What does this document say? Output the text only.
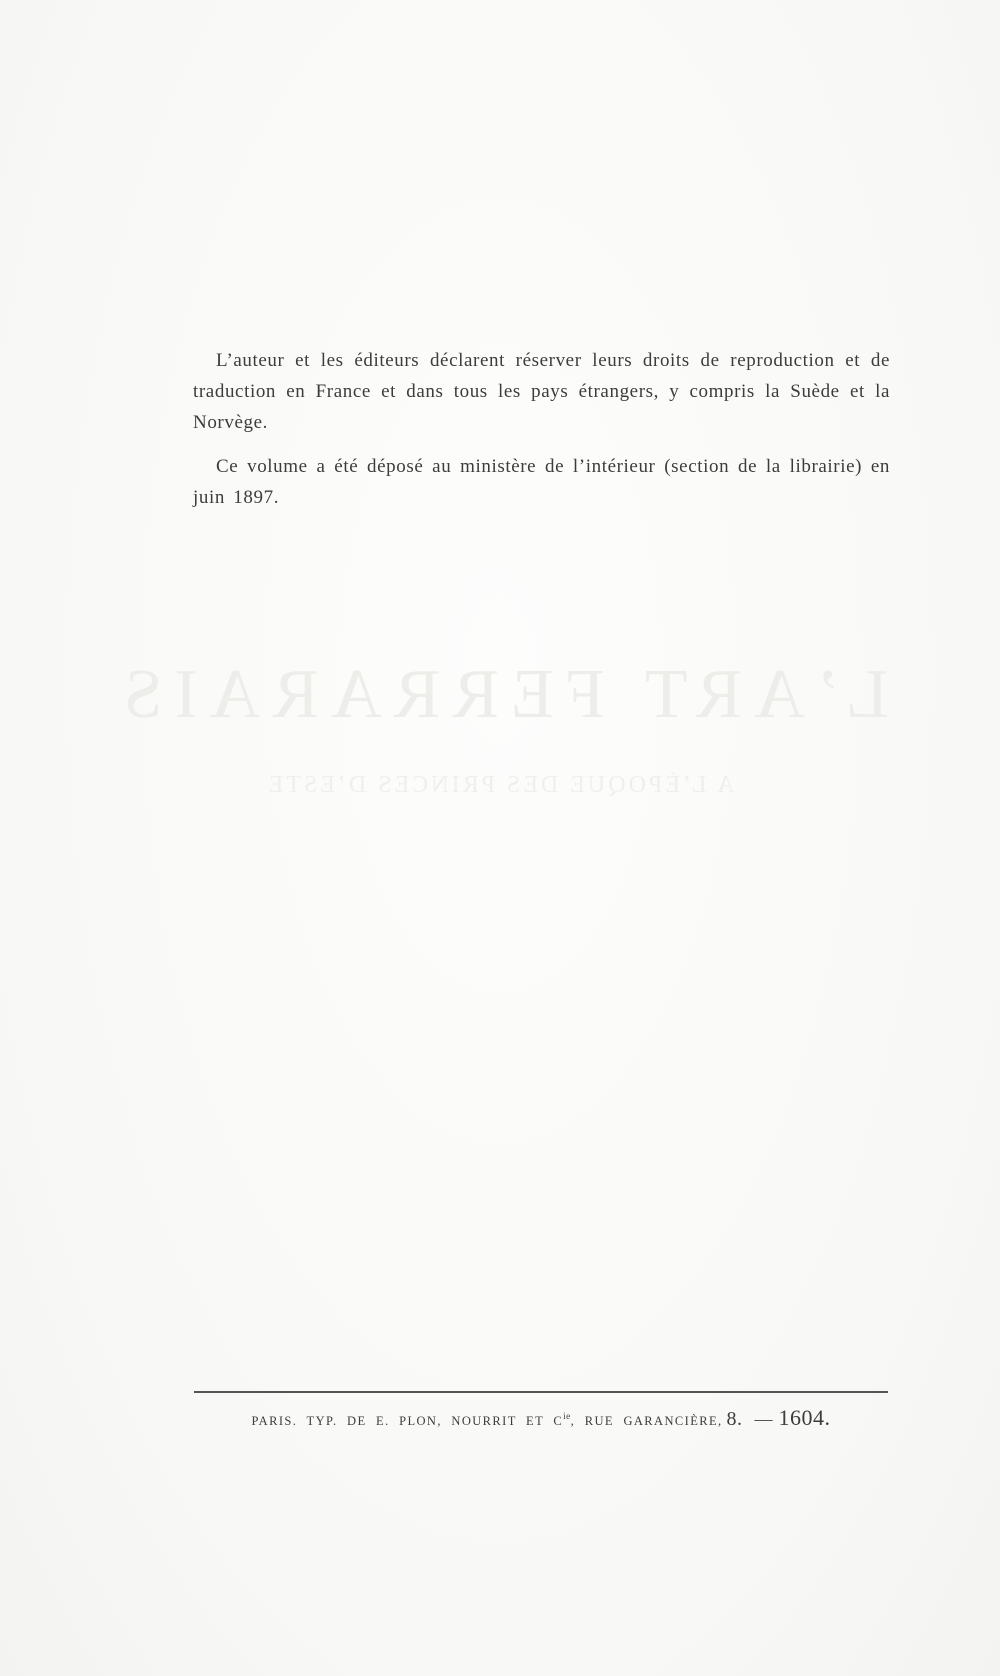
L’auteur et les éditeurs déclarent réserver leurs droits de reproduction et de traduction en France et dans tous les pays étrangers, y compris la Suède et la Norvège.

Ce volume a été déposé au ministère de l’intérieur (section de la librairie) en juin 1897.

L’ART FERRARAIS
A L’ÉPOQUE DES PRINCES D’ESTE
PARIS. TYP. DE E. PLON, NOURRIT ET $C^{ie}$, RUE GARANCIÈRE, 8. — 1604.
